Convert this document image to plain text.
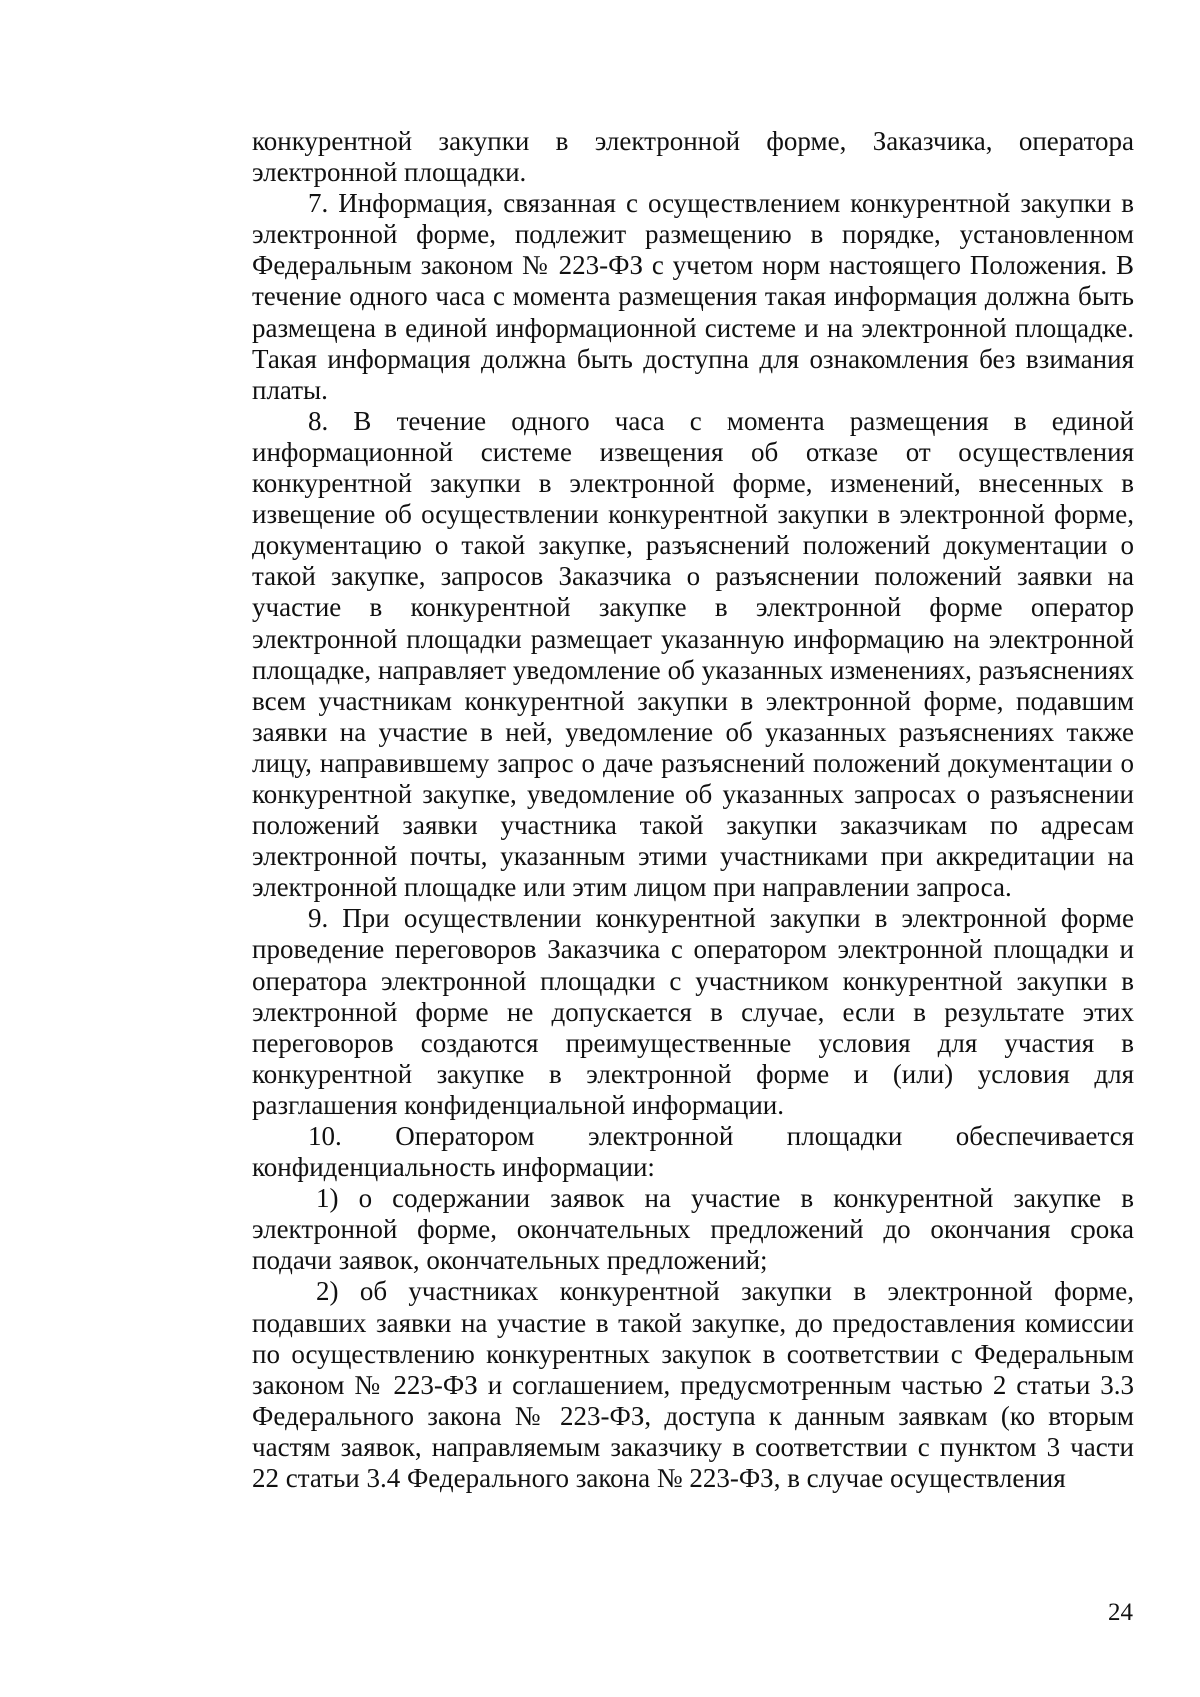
конкурентной закупки в электронной форме, Заказчика, оператора электронной площадки.

7. Информация, связанная с осуществлением конкурентной закупки в электронной форме, подлежит размещению в порядке, установленном Федеральным законом № 223-ФЗ с учетом норм настоящего Положения. В течение одного часа с момента размещения такая информация должна быть размещена в единой информационной системе и на электронной площадке. Такая информация должна быть доступна для ознакомления без взимания платы.

8. В течение одного часа с момента размещения в единой информационной системе извещения об отказе от осуществления конкурентной закупки в электронной форме, изменений, внесенных в извещение об осуществлении конкурентной закупки в электронной форме, документацию о такой закупке, разъяснений положений документации о такой закупке, запросов Заказчика о разъяснении положений заявки на участие в конкурентной закупке в электронной форме оператор электронной площадки размещает указанную информацию на электронной площадке, направляет уведомление об указанных изменениях, разъяснениях всем участникам конкурентной закупки в электронной форме, подавшим заявки на участие в ней, уведомление об указанных разъяснениях также лицу, направившему запрос о даче разъяснений положений документации о конкурентной закупке, уведомление об указанных запросах о разъяснении положений заявки участника такой закупки заказчикам по адресам электронной почты, указанным этими участниками при аккредитации на электронной площадке или этим лицом при направлении запроса.

9. При осуществлении конкурентной закупки в электронной форме проведение переговоров Заказчика с оператором электронной площадки и оператора электронной площадки с участником конкурентной закупки в электронной форме не допускается в случае, если в результате этих переговоров создаются преимущественные условия для участия в конкурентной закупке в электронной форме и (или) условия для разглашения конфиденциальной информации.

10. Оператором электронной площадки обеспечивается конфиденциальность информации:

1) о содержании заявок на участие в конкурентной закупке в электронной форме, окончательных предложений до окончания срока подачи заявок, окончательных предложений;

2) об участниках конкурентной закупки в электронной форме, подавших заявки на участие в такой закупке, до предоставления комиссии по осуществлению конкурентных закупок в соответствии с Федеральным законом № 223-ФЗ и соглашением, предусмотренным частью 2 статьи 3.3 Федерального закона № 223-ФЗ, доступа к данным заявкам (ко вторым частям заявок, направляемым заказчику в соответствии с пунктом 3 части 22 статьи 3.4 Федерального закона № 223-ФЗ, в случае осуществления

24
